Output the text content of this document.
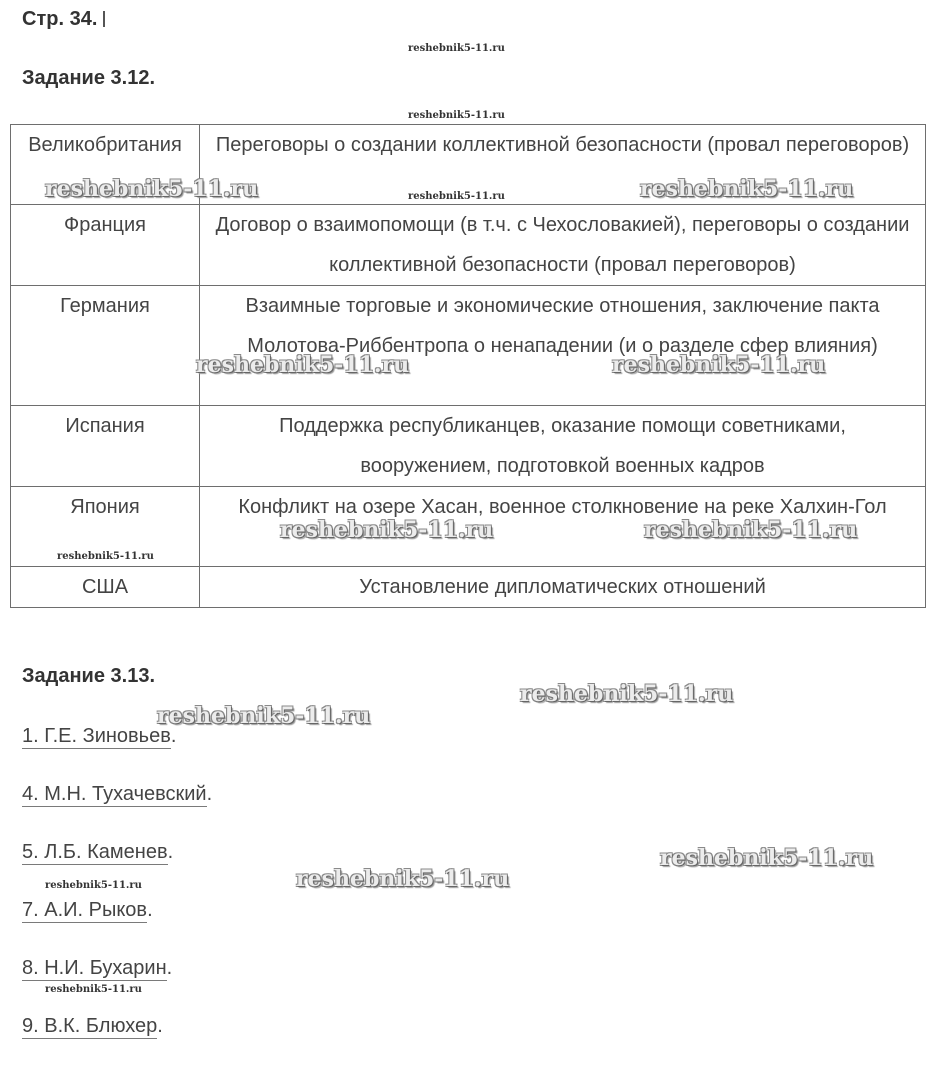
Стр. 34.
Задание 3.12.
Великобритания	Переговоры о создании коллективной безопасности (провал переговоров)
Франция	Договор о взаимопомощи (в т.ч. с Чехословакией), переговоры о создании коллективной безопасности (провал переговоров)
Германия	Взаимные торговые и экономические отношения, заключение пакта Молотова-Риббентропа о ненападении (и о разделе сфер влияния)
Испания	Поддержка республиканцев, оказание помощи советниками, вооружением, подготовкой военных кадров
Япония	Конфликт на озере Хасан, военное столкновение на реке Халхин-Гол
США	Установление дипломатических отношений
Задание 3.13.
1. Г.Е. Зиновьев.
4. М.Н. Тухачевский.
5. Л.Б. Каменев.
7. А.И. Рыков.
8. Н.И. Бухарин.
9. В.К. Блюхер.
reshebnik5-11.ru
reshebnik5-11.ru
reshebnik5-11.ru
reshebnik5-11.ru
reshebnik5-11.ru
reshebnik5-11.ru
reshebnik5-11.ru	reshebnik5-11.ru
reshebnik5-11.ru	reshebnik5-11.ru
reshebnik5-11.ru	reshebnik5-11.ru
reshebnik5-11.ru
reshebnik5-11.ru
reshebnik5-11.ru
reshebnik5-11.ru
